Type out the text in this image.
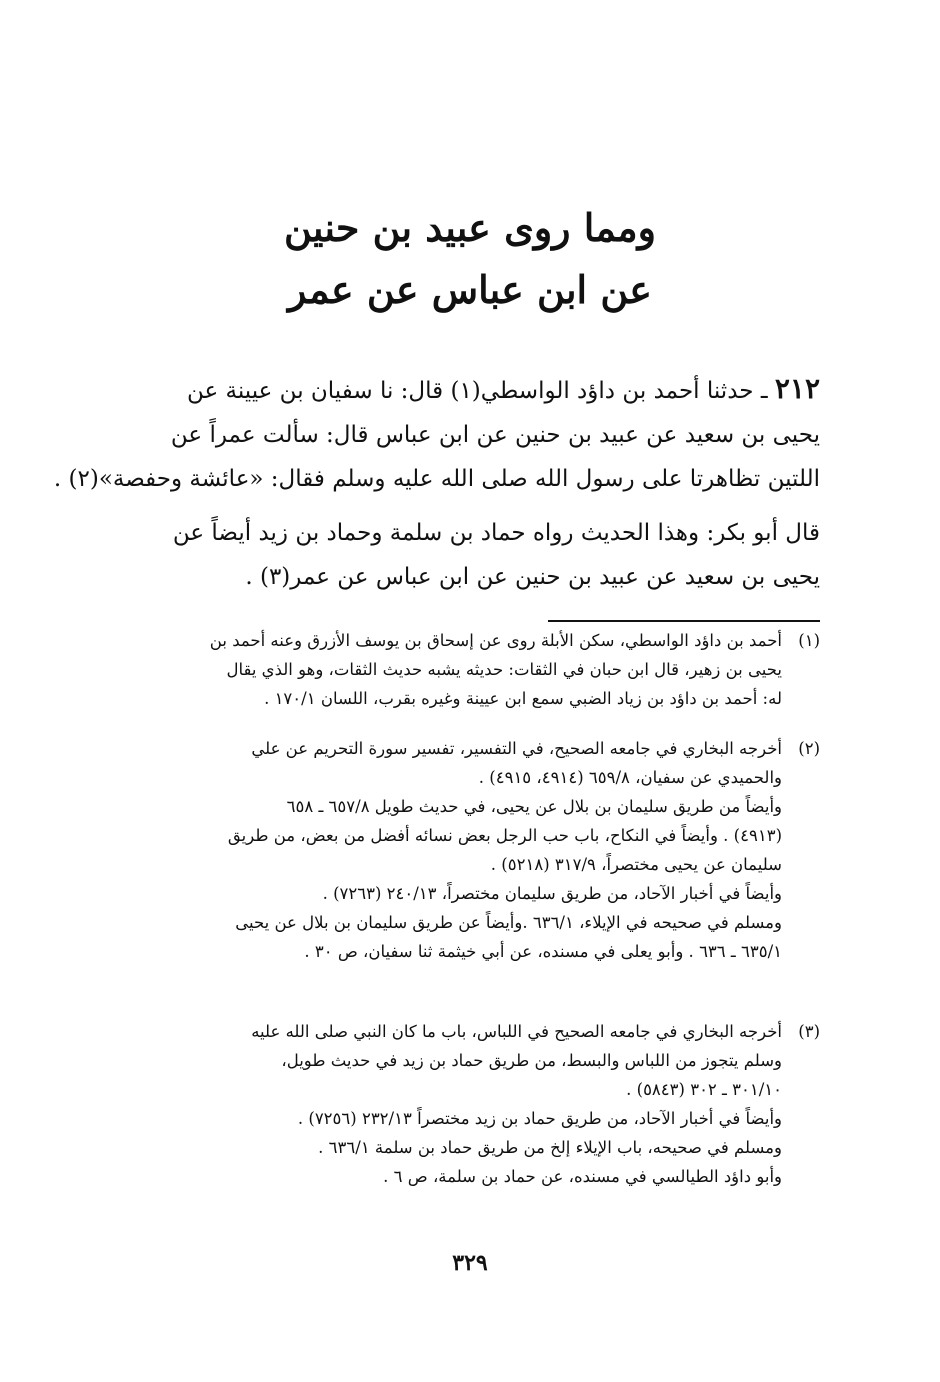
ومما روى عبيد بن حنين
عن ابن عباس عن عمر
٢١٢ ـ حدثنا أحمد بن داؤد الواسطي(١) قال: نا سفيان بن عيينة عن
يحيى بن سعيد عن عبيد بن حنين عن ابن عباس قال: سألت عمراً عن
اللتين تظاهرتا على رسول الله صلى الله عليه وسلم فقال: «عائشة وحفصة»(٢) .
قال أبو بكر: وهذا الحديث رواه حماد بن سلمة وحماد بن زيد أيضاً عن
يحيى بن سعيد عن عبيد بن حنين عن ابن عباس عن عمر(٣) .
(١)
أحمد بن داؤد الواسطي، سكن الأبلة روى عن إسحاق بن يوسف الأزرق وعنه أحمد بن
يحيى بن زهير، قال ابن حبان في الثقات: حديثه يشبه حديث الثقات، وهو الذي يقال
له: أحمد بن داؤد بن زياد الضبي سمع ابن عيينة وغيره بقرب، اللسان ١٧٠/١ .
(٢)
أخرجه البخاري في جامعه الصحيح، في التفسير، تفسير سورة التحريم عن علي
والحميدي عن سفيان، ٦٥٩/٨ (٤٩١٤، ٤٩١٥) .
وأيضاً من طريق سليمان بن بلال عن يحيى، في حديث طويل ٦٥٧/٨ ـ ٦٥٨
(٤٩١٣) . وأيضاً في النكاح، باب حب الرجل بعض نسائه أفضل من بعض، من طريق
سليمان عن يحيى مختصراً، ٣١٧/٩ (٥٢١٨) .
وأيضاً في أخبار الآحاد، من طريق سليمان مختصراً، ٢٤٠/١٣ (٧٢٦٣) .
ومسلم في صحيحه في الإيلاء، ٦٣٦/١ .وأيضاً عن طريق سليمان بن بلال عن يحيى
٦٣٥/١ ـ ٦٣٦ . وأبو يعلى في مسنده، عن أبي خيثمة ثنا سفيان، ص ٣٠ .
(٣)
أخرجه البخاري في جامعه الصحيح في اللباس، باب ما كان النبي صلى الله عليه
وسلم يتجوز من اللباس والبسط، من طريق حماد بن زيد في حديث طويل،
٣٠١/١٠ ـ ٣٠٢ (٥٨٤٣) .
وأيضاً في أخبار الآحاد، من طريق حماد بن زيد مختصراً ٢٣٢/١٣ (٧٢٥٦) .
ومسلم في صحيحه، باب الإيلاء إلخ من طريق حماد بن سلمة ٦٣٦/١ .
وأبو داؤد الطيالسي في مسنده، عن حماد بن سلمة، ص ٦ .
٣٢٩
